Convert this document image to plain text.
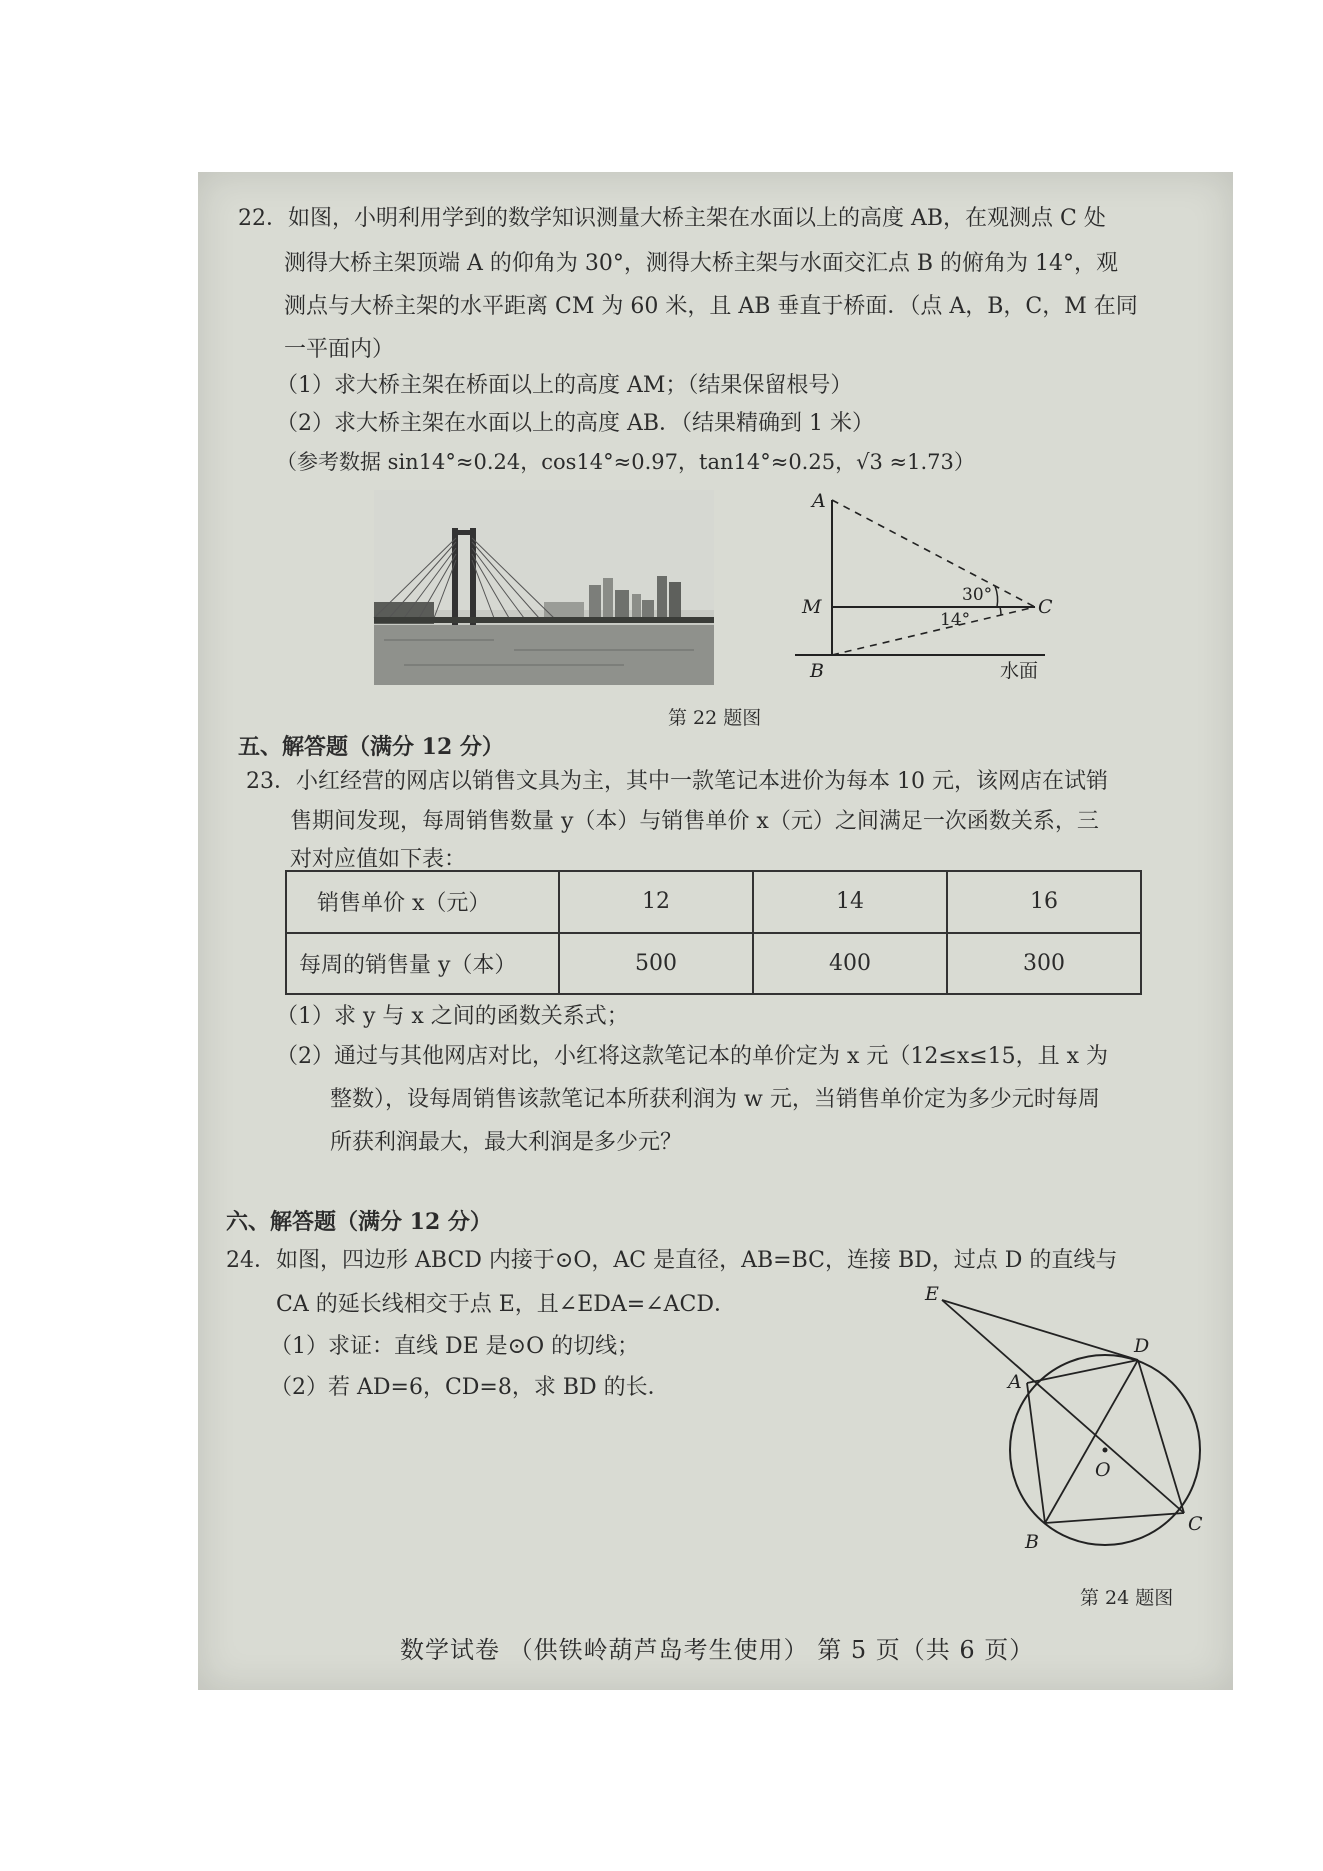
22．如图，小明利用学到的数学知识测量大桥主架在水面以上的高度 AB，在观测点 C 处
测得大桥主架顶端 A 的仰角为 30°，测得大桥主架与水面交汇点 B 的俯角为 14°，观
测点与大桥主架的水平距离 CM 为 60 米，且 AB 垂直于桥面．（点 A，B，C，M 在同
一平面内）
（1）求大桥主架在桥面以上的高度 AM；（结果保留根号）
（2）求大桥主架在水面以上的高度 AB．（结果精确到 1 米）
（参考数据 sin14°≈0.24，cos14°≈0.97，tan14°≈0.25，√3 ≈1.73）
A
M
B
C
30°
14°
水面
第 22 题图
五、解答题（满分 12 分）
23．小红经营的网店以销售文具为主，其中一款笔记本进价为每本 10 元，该网店在试销
售期间发现，每周销售数量 y（本）与销售单价 x（元）之间满足一次函数关系，三
对对应值如下表：
销售单价 x（元）	12	14	16
每周的销售量 y（本）	500	400	300
（1）求 y 与 x 之间的函数关系式；
（2）通过与其他网店对比，小红将这款笔记本的单价定为 x 元（12≤x≤15，且 x 为
整数），设每周销售该款笔记本所获利润为 w 元，当销售单价定为多少元时每周
所获利润最大，最大利润是多少元？
六、解答题（满分 12 分）
24．如图，四边形 ABCD 内接于⊙O，AC 是直径，AB=BC，连接 BD，过点 D 的直线与
CA 的延长线相交于点 E，且∠EDA=∠ACD．
（1）求证：直线 DE 是⊙O 的切线；
（2）若 AD=6，CD=8，求 BD 的长．
E
D
A
O
B
C
第 24 题图
数学试卷 （供铁岭葫芦岛考生使用） 第 5 页（共 6 页）
